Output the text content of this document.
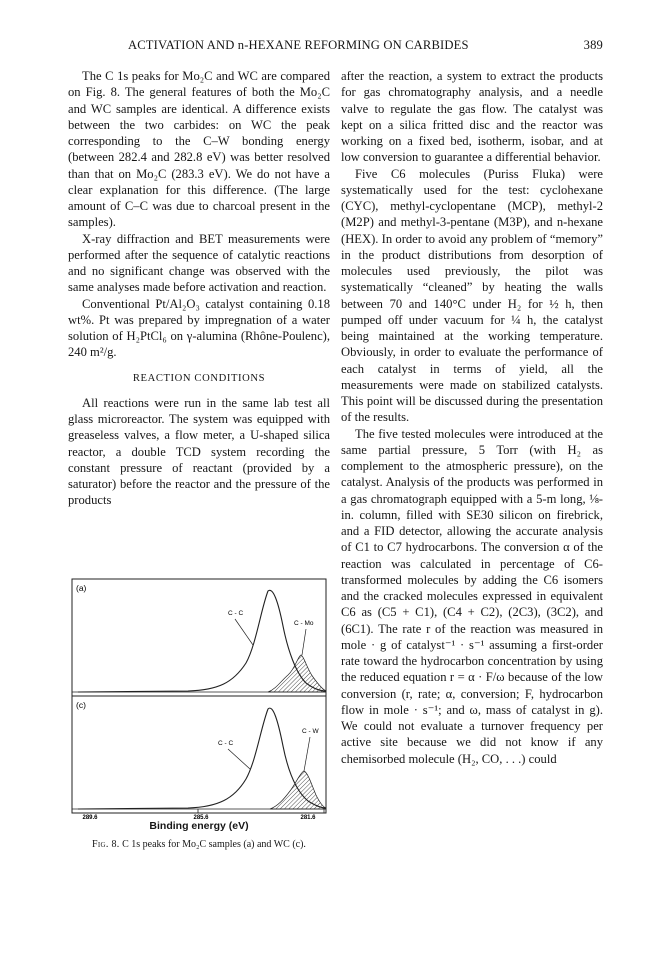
ACTIVATION AND n-HEXANE REFORMING ON CARBIDES	389

The C 1s peaks for Mo₂C and WC are compared on Fig. 8. The general features of both the Mo₂C and WC samples are identical. A difference exists between the two carbides: on WC the peak corresponding to the C–W bonding energy (between 282.4 and 282.8 eV) was better resolved than that on Mo₂C (283.3 eV). We do not have a clear explanation for this difference. (The large amount of C–C was due to charcoal present in the samples).

X-ray diffraction and BET measurements were performed after the sequence of catalytic reactions and no significant change was observed with the same analyses made before activation and reaction.

Conventional Pt/Al₂O₃ catalyst containing 0.18 wt%. Pt was prepared by impregnation of a water solution of H₂PtCl₆ on γ-alumina (Rhône-Poulenc), 240 m²/g.

REACTION CONDITIONS

All reactions were run in the same lab test all glass microreactor. The system was equipped with greaseless valves, a flow meter, a U-shaped silica reactor, a double TCD system recording the constant pressure of reactant (provided by a saturator) before the reactor and the pressure of the products

after the reaction, a system to extract the products for gas chromatography analysis, and a needle valve to regulate the gas flow. The catalyst was kept on a silica fritted disc and the reactor was working on a fixed bed, isotherm, isobar, and at low conversion to guarantee a differential behavior.

Five C6 molecules (Puriss Fluka) were systematically used for the test: cyclohexane (CYC), methyl-cyclopentane (MCP), methyl-2 (M2P) and methyl-3-pentane (M3P), and n-hexane (HEX). In order to avoid any problem of “memory” in the product distributions from desorption of molecules used previously, the pilot was systematically “cleaned” by heating the walls between 70 and 140°C under H₂ for ½ h, then pumped off under vacuum for ¼ h, the catalyst being maintained at the working temperature. Obviously, in order to evaluate the performance of each catalyst in terms of yield, all the measurements were made on stabilized catalysts. This point will be discussed during the presentation of the results.

The five tested molecules were introduced at the same partial pressure, 5 Torr (with H₂ as complement to the atmospheric pressure), on the catalyst. Analysis of the products was performed in a gas chromatograph equipped with a 5-m long, ⅛-in. column, filled with SE30 silicon on firebrick, and a FID detector, allowing the accurate analysis of C1 to C7 hydrocarbons. The conversion α of the reaction was calculated in percentage of C6-transformed molecules by adding the C6 isomers and the cracked molecules expressed in equivalent C6 as (C5 + C1), (C4 + C2), (2C3), (3C2), and (6C1). The rate r of the reaction was measured in mole · g of catalyst⁻¹ · s⁻¹ assuming a first-order rate toward the hydrocarbon concentration by using the reduced equation r = α · F/ω because of the low conversion (r, rate; α, conversion; F, hydrocarbon flow in mole · s⁻¹; and ω, mass of catalyst in g). We could not evaluate a turnover frequency per active site because we did not know if any chemisorbed molecule (H₂, CO, . . .) could

(a)
C - C
C - Mo
(c)
C - C
C - W
289.6	285.6	281.6
Binding energy (eV)
Fig. 8. C 1s peaks for Mo₂C samples (a) and WC (c).
